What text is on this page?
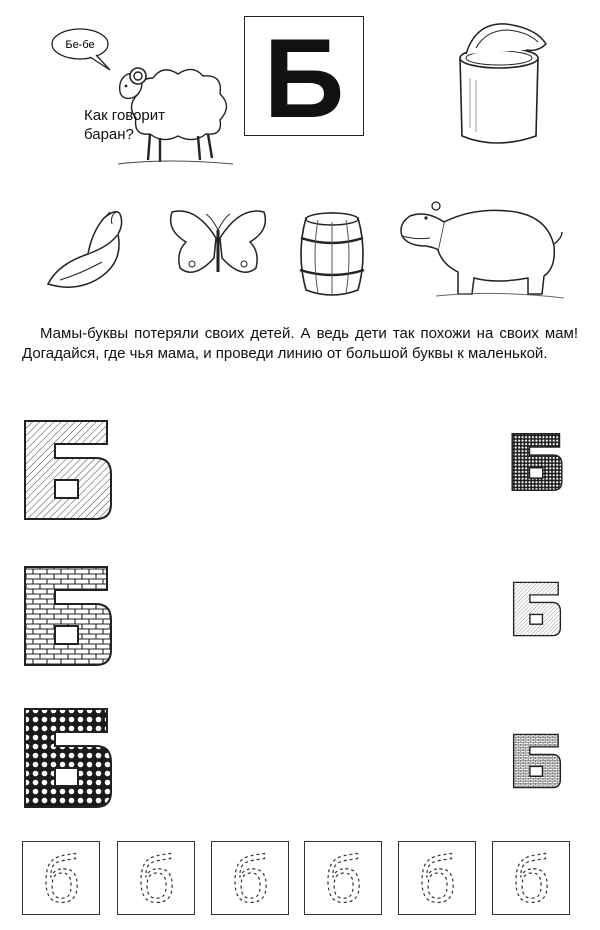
Бе-бе
Как говорит баран?	Б
Мамы-буквы потеряли своих детей. А ведь дети так похожи на своих мам! Догадайся, где чья мама, и проведи линию от большой буквы к маленькой.
б б б б б б
